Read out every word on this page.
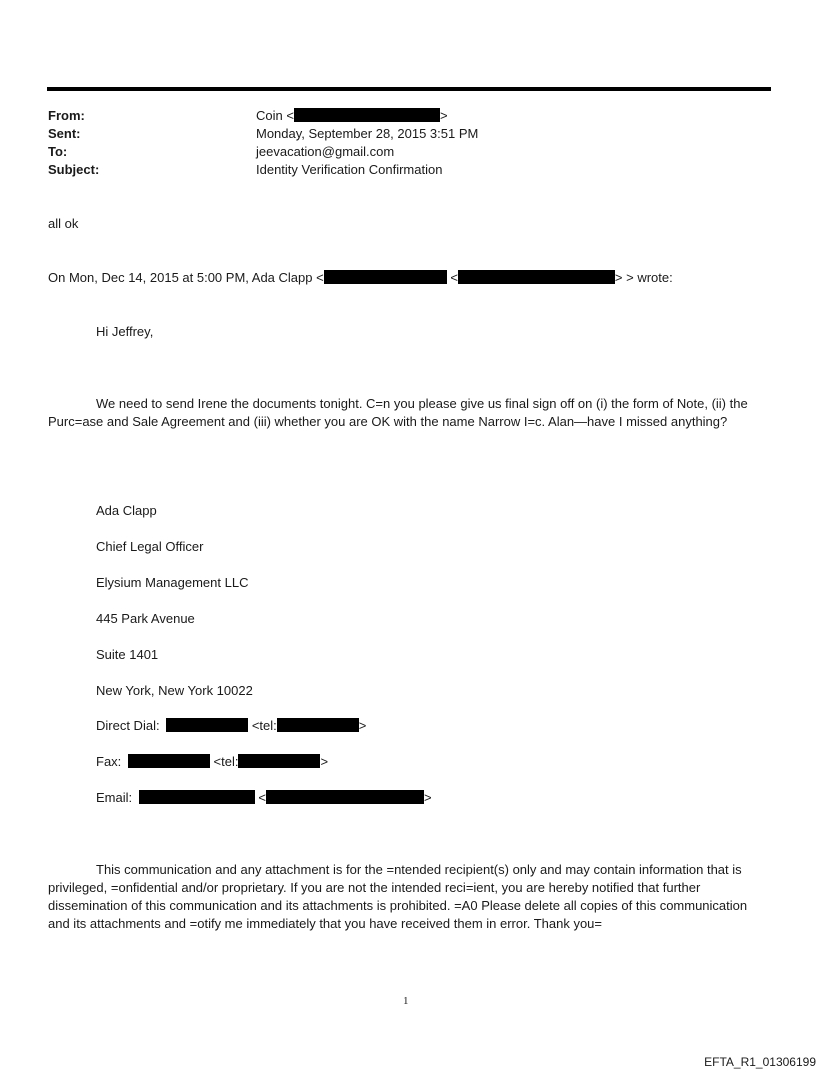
From:	Coin <	>
Sent:	Monday, September 28, 2015 3:51 PM
To:	jeevacation@gmail.com
Subject:	Identity Verification Confirmation
all ok
On Mon, Dec 14, 2015 at 5:00 PM, Ada Clapp <	<	> > wrote:
Hi Jeffrey,
We need to send Irene the documents tonight. C=n you please give us final sign off on (i) the form of Note, (ii) the Purc=ase and Sale Agreement and (iii) whether you are OK with the name Narrow I=c. Alan—have I missed anything?
Ada Clapp
Chief Legal Officer
Elysium Management LLC
445 Park Avenue
Suite 1401
New York, New York 10022
Direct Dial:	<tel:	>
Fax:	<tel:	>
Email:	<	>
This communication and any attachment is for the =ntended recipient(s) only and may contain information that is privileged, =onfidential and/or proprietary. If you are not the intended reci=ient, you are hereby notified that further dissemination of this communication and its attachments is prohibited. =A0 Please delete all copies of this communication and its attachments and =otify me immediately that you have received them in error. Thank you=
1
EFTA_R1_01306199
